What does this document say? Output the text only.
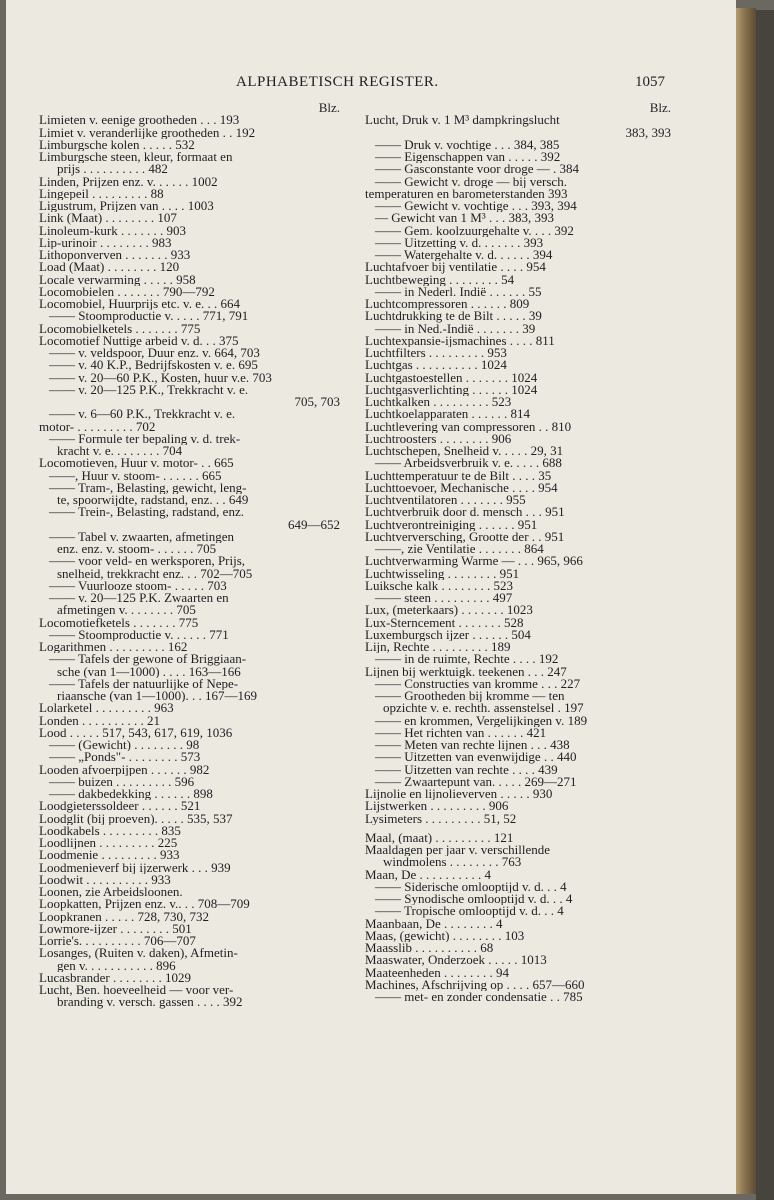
ALPHABETISCH REGISTER.	1057
Blz.
Limieten v. eenige grootheden . . . 193
Limiet v. veranderlijke grootheden . . 192
Limburgsche kolen . . . . . 532
Limburgsche steen, kleur, formaat en
prijs . . . . . . . . . . 482
Linden, Prijzen enz. v. . . . . . 1002
Lingepeil . . . . . . . . . 88
Ligustrum, Prijzen van . . . . 1003
Link (Maat) . . . . . . . . 107
Linoleum-kurk . . . . . . . 903
Lip-urinoir . . . . . . . . 983
Lithoponverven . . . . . . . 933
Load (Maat) . . . . . . . . 120
Locale verwarming . . . . . 958
Locomobielen . . . . . . . 790—792
Locomobiel, Huurprijs etc. v. e. . . 664
—— Stoomproductie v. . . . . 771, 791
Locomobielketels . . . . . . . 775
Locomotief Nuttige arbeid v. d. . . 375
—— v. veldspoor, Duur enz. v. 664, 703
—— v. 40 K.P., Bedrijfskosten v. e. 695
—— v. 20—60 P.K., Kosten, huur v.e. 703
—— v. 20—125 P.K., Trekkracht v. e.
705, 703
—— v. 6—60 P.K., Trekkracht v. e.
motor- . . . . . . . . . 702
—— Formule ter bepaling v. d. trek-
kracht v. e. . . . . . . . 704
Locomotieven, Huur v. motor- . . 665
——, Huur v. stoom- . . . . . . 665
—— Tram-, Belasting, gewicht, leng-
te, spoorwijdte, radstand, enz. . . 649
—— Trein-, Belasting, radstand, enz.
649—652
—— Tabel v. zwaarten, afmetingen
enz. enz. v. stoom- . . . . . . 705
—— voor veld- en werksporen, Prijs,
snelheid, trekkracht enz. . . 702—705
—— Vuurlooze stoom- . . . . . 703
—— v. 20—125 P.K. Zwaarten en
afmetingen v. . . . . . . . 705
Locomotiefketels . . . . . . . 775
—— Stoomproductie v. . . . . . 771
Logarithmen . . . . . . . . . 162
—— Tafels der gewone of Briggiaan-
sche (van 1—1000) . . . . 163—166
—— Tafels der natuurlijke of Nepe-
riaansche (van 1—1000). . . 167—169
Lolarketel . . . . . . . . . 963
Londen . . . . . . . . . . 21
Lood . . . . . 517, 543, 617, 619, 1036
—— (Gewicht) . . . . . . . . 98
—— „Ponds"- . . . . . . . . 573
Looden afvoerpijpen . . . . . . 982
—— buizen . . . . . . . . . 596
—— dakbedekking . . . . . . 898
Loodgieterssoldeer . . . . . . 521
Loodglit (bij proeven). . . . . 535, 537
Loodkabels . . . . . . . . . 835
Loodlijnen . . . . . . . . . 225
Loodmenie . . . . . . . . . 933
Loodmenieverf bij ijzerwerk . . . 939
Loodwit . . . . . . . . . . 933
Loonen, zie Arbeidsloonen.
Loopkatten, Prijzen enz. v.. . . 708—709
Loopkranen . . . . . 728, 730, 732
Lowmore-ijzer . . . . . . . . 501
Lorrie's. . . . . . . . . . 706—707
Losanges, (Ruiten v. daken), Afmetin-
gen v. . . . . . . . . . . 896
Lucasbrander . . . . . . . . 1029
Lucht, Ben. hoeveelheid — voor ver-
branding v. versch. gassen . . . . 392
Blz.
Lucht, Druk v. 1 M³ dampkringslucht
383, 393
—— Druk v. vochtige . . . 384, 385
—— Eigenschappen van . . . . . 392
—— Gasconstante voor droge — . 384
—— Gewicht v. droge — bij versch.
temperaturen en barometerstanden 393
—— Gewicht v. vochtige . . . 393, 394
— Gewicht van 1 M³ . . . 383, 393
—— Gem. koolzuurgehalte v. . . . 392
—— Uitzetting v. d. . . . . . . 393
—— Watergehalte v. d. . . . . . 394
Luchtafvoer bij ventilatie . . . . 954
Luchtbeweging . . . . . . . . 54
—— in Nederl. Indië . . . . . . 55
Luchtcompressoren . . . . . . 809
Luchtdrukking te de Bilt . . . . . 39
—— in Ned.-Indië . . . . . . . 39
Luchtexpansie-ijsmachines . . . . 811
Luchtfilters . . . . . . . . . 953
Luchtgas . . . . . . . . . . 1024
Luchtgastoestellen . . . . . . . 1024
Luchtgasverlichting . . . . . . 1024
Luchtkalken . . . . . . . . . 523
Luchtkoelapparaten . . . . . . 814
Luchtlevering van compressoren . . 810
Luchtroosters . . . . . . . . 906
Luchtschepen, Snelheid v. . . . . 29, 31
—— Arbeidsverbruik v. e. . . . . 688
Luchttemperatuur te de Bilt . . . . 35
Luchttoevoer, Mechanische . . . . 954
Luchtventilatoren . . . . . . . 955
Luchtverbruik door d. mensch . . . 951
Luchtverontreiniging . . . . . . 951
Luchtverversching, Grootte der . . 951
——, zie Ventilatie . . . . . . . 864
Luchtverwarming Warme — . . . 965, 966
Luchtwisseling . . . . . . . . 951
Luiksche kalk . . . . . . . . 523
—— steen . . . . . . . . . 497
Lux, (meterkaars) . . . . . . . 1023
Lux-Sterncement . . . . . . . 528
Luxemburgsch ijzer . . . . . . 504
Lijn, Rechte . . . . . . . . . 189
—— in de ruimte, Rechte . . . . 192
Lijnen bij werktuigk. teekenen . . . 247
—— Constructies van kromme . . . 227
—— Grootheden bij kromme — ten
opzichte v. e. rechth. assenstelsel . 197
—— en krommen, Vergelijkingen v. 189
—— Het richten van . . . . . . 421
—— Meten van rechte lijnen . . . 438
—— Uitzetten van evenwijdige . . 440
—— Uitzetten van rechte . . . . 439
—— Zwaartepunt van. . . . . 269—271
Lijnolie en lijnolieverven . . . . . 930
Lijstwerken . . . . . . . . . 906
Lysimeters . . . . . . . . . 51, 52
Maal, (maat) . . . . . . . . . 121
Maaldagen per jaar v. verschillende
windmolens . . . . . . . . 763
Maan, De . . . . . . . . . . 4
—— Siderische omlooptijd v. d. . . 4
—— Synodische omlooptijd v. d. . . 4
—— Tropische omlooptijd v. d. . . 4
Maanbaan, De . . . . . . . . 4
Maas, (gewicht) . . . . . . . . 103
Maasslib . . . . . . . . . . 68
Maaswater, Onderzoek . . . . . 1013
Maateenheden . . . . . . . . 94
Machines, Afschrijving op . . . . 657—660
—— met- en zonder condensatie . . 785
